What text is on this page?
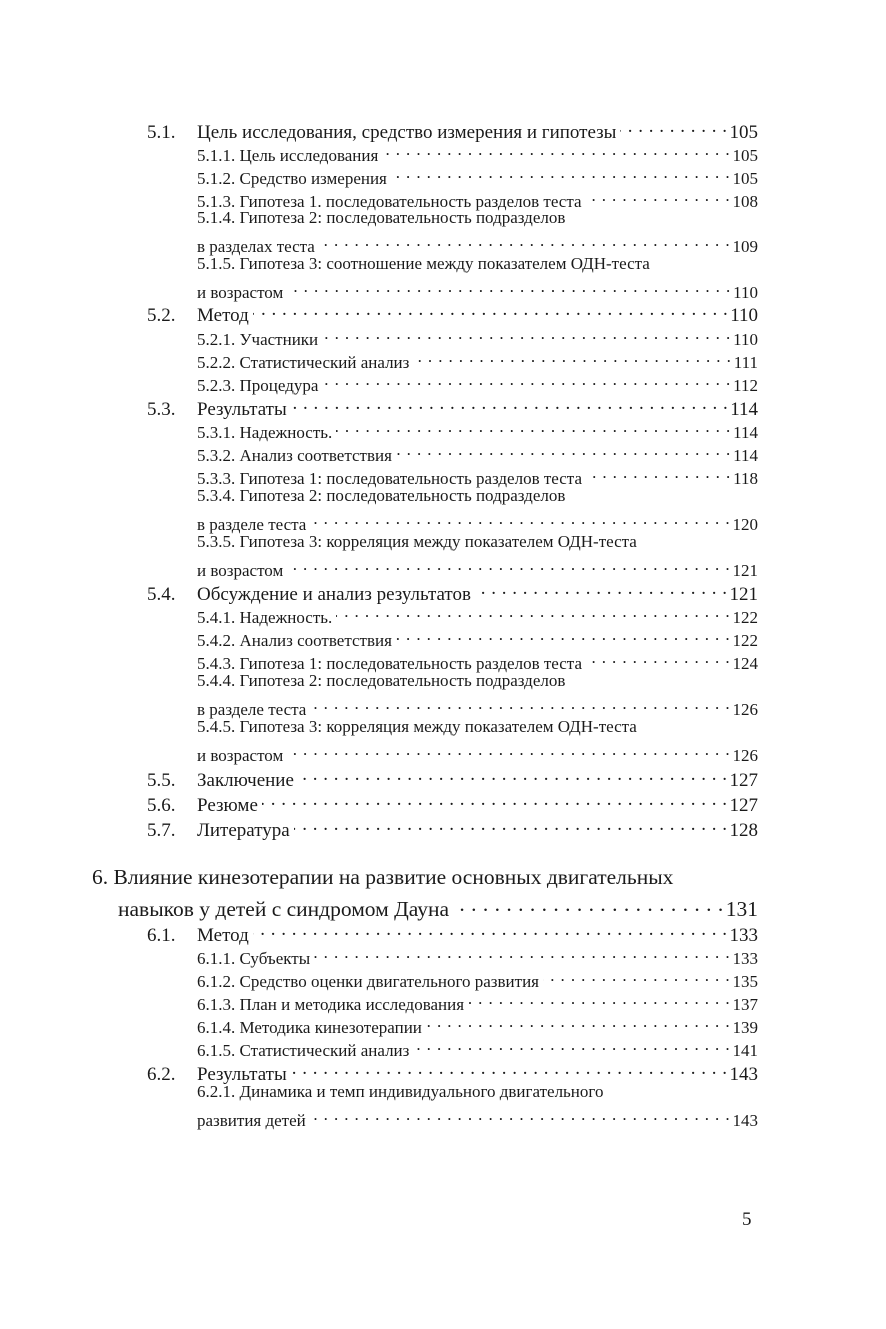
5.1.	Цель исследования, средство измерения и гипотезы . . .	105
5.1.1. Цель исследования . . .	105
5.1.2. Средство измерения . . .	105
5.1.3. Гипотеза 1. последовательность разделов теста . . .	108
5.1.4. Гипотеза 2: последовательность подразделов
в разделах теста . . .	109
5.1.5. Гипотеза 3: соотношение между показателем ОДН-теста
и возрастом . . .	110
5.2.	Метод . . .	110
5.2.1. Участники . . .	110
5.2.2. Статистический анализ . . .	111
5.2.3. Процедура . . .	112
5.3.	Результаты . . .	114
5.3.1. Надежность. . . .	114
5.3.2. Анализ соответствия . . .	114
5.3.3. Гипотеза 1: последовательность разделов теста . . .	118
5.3.4. Гипотеза 2: последовательность подразделов
в разделе теста . . .	120
5.3.5. Гипотеза 3: корреляция между показателем ОДН-теста
и возрастом . . .	121
5.4.	Обсуждение и анализ результатов . . .	121
5.4.1. Надежность. . . .	122
5.4.2. Анализ соответствия . . .	122
5.4.3. Гипотеза 1: последовательность разделов теста . . .	124
5.4.4. Гипотеза 2: последовательность подразделов
в разделе теста . . .	126
5.4.5. Гипотеза 3: корреляция между показателем ОДН-теста
и возрастом . . .	126
5.5.	Заключение . . .	127
5.6.	Резюме . . .	127
5.7.	Литература . . .	128
6. Влияние кинезотерапии на развитие основных двигательных
навыков у детей с синдромом Дауна . . .	131
6.1.	Метод . . .	133
6.1.1. Субъекты . . .	133
6.1.2. Средство оценки двигательного развития . . .	135
6.1.3. План и методика исследования . . .	137
6.1.4. Методика кинезотерапии . . .	139
6.1.5. Статистический анализ . . .	141
6.2.	Результаты . . .	143
6.2.1. Динамика и темп индивидуального двигательного
развития детей . . .	143
5
